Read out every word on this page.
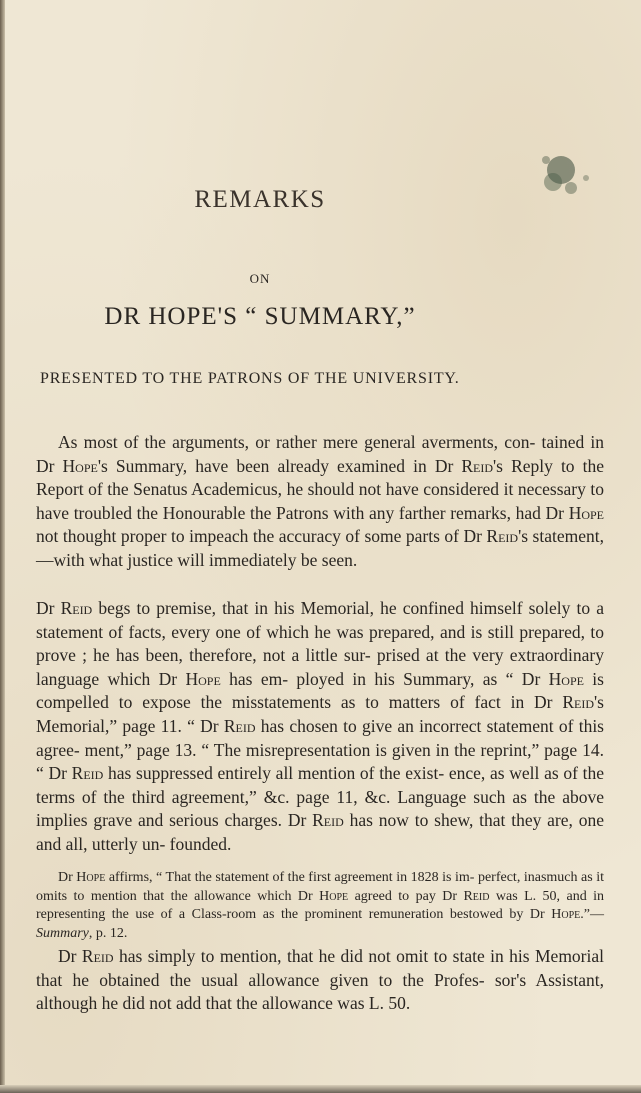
REMARKS
ON
DR HOPE'S “ SUMMARY,”
PRESENTED TO THE PATRONS OF THE UNIVERSITY.
As most of the arguments, or rather mere general averments, con- tained in Dr Hope's Summary, have been already examined in Dr Reid's Reply to the Report of the Senatus Academicus, he should not have considered it necessary to have troubled the Honourable the Patrons with any farther remarks, had Dr Hope not thought proper to impeach the accuracy of some parts of Dr Reid's statement,—with what justice will immediately be seen.
Dr Reid begs to premise, that in his Memorial, he confined himself solely to a statement of facts, every one of which he was prepared, and is still prepared, to prove ; he has been, therefore, not a little sur- prised at the very extraordinary language which Dr Hope has em- ployed in his Summary, as “ Dr Hope is compelled to expose the misstatements as to matters of fact in Dr Reid's Memorial,” page 11. “ Dr Reid has chosen to give an incorrect statement of this agree- ment,” page 13. “ The misrepresentation is given in the reprint,” page 14. “ Dr Reid has suppressed entirely all mention of the exist- ence, as well as of the terms of the third agreement,” &c. page 11, &c. Language such as the above implies grave and serious charges. Dr Reid has now to shew, that they are, one and all, utterly un- founded.
Dr Hope affirms, “ That the statement of the first agreement in 1828 is im- perfect, inasmuch as it omits to mention that the allowance which Dr Hope agreed to pay Dr Reid was L. 50, and in representing the use of a Class-room as the prominent remuneration bestowed by Dr Hope.”—Summary, p. 12.
Dr Reid has simply to mention, that he did not omit to state in his Memorial that he obtained the usual allowance given to the Profes- sor's Assistant, although he did not add that the allowance was L. 50.
